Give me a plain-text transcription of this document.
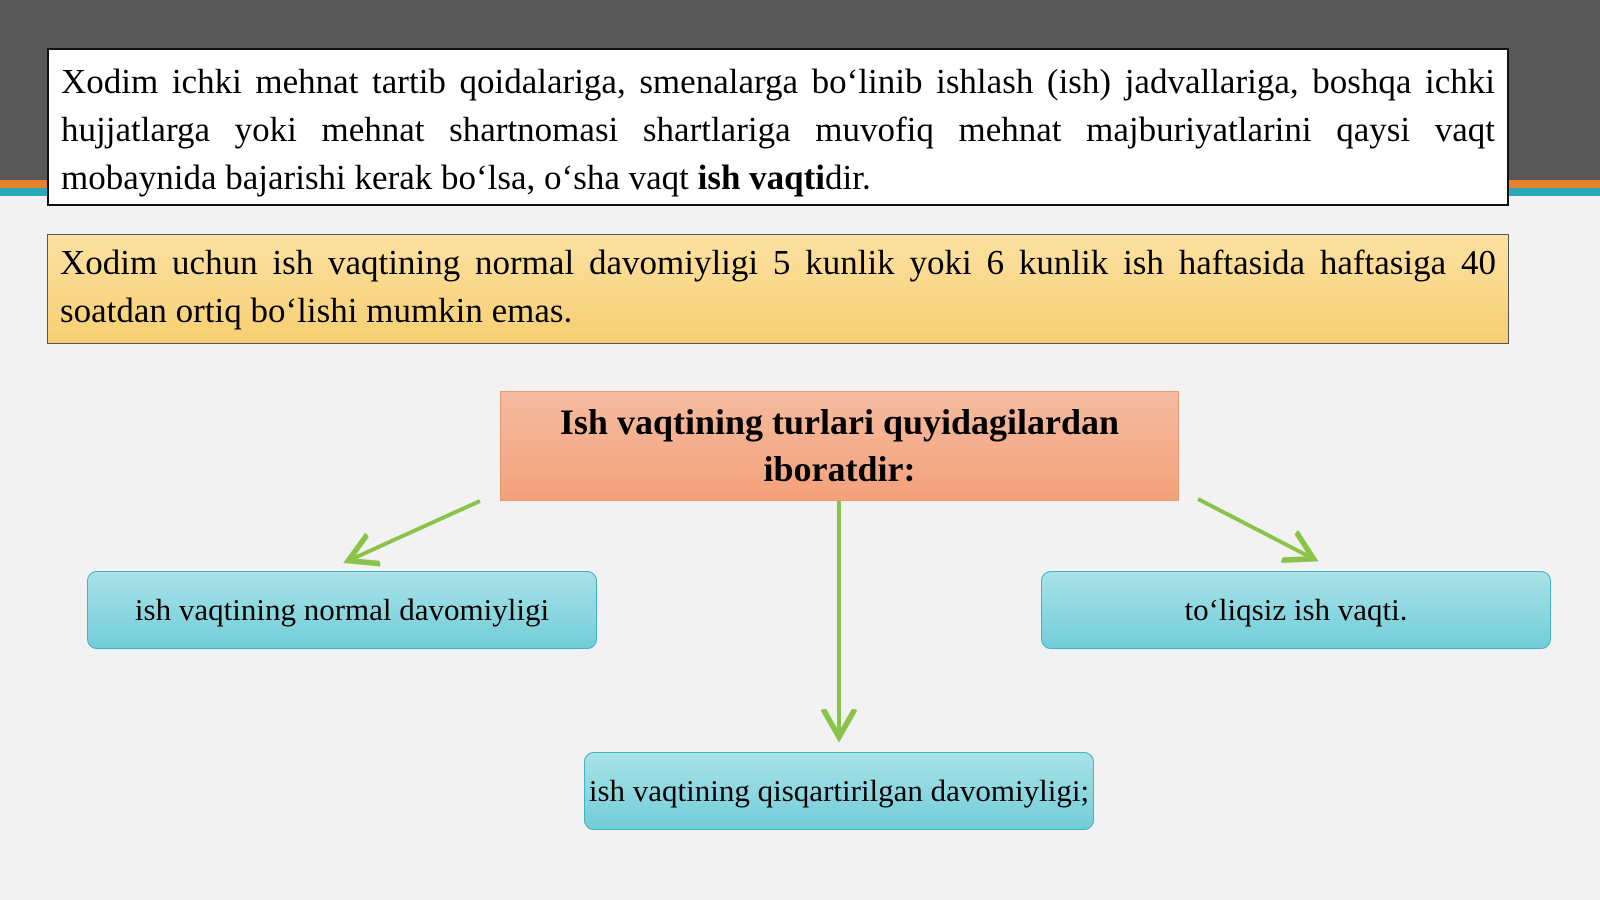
Xodim ichki mehnat tartib qoidalariga, smenalarga bo‘linib ishlash (ish) jadvallariga, boshqa ichki hujjatlarga yoki mehnat shartnomasi shartlariga muvofiq mehnat majburiyatlarini qaysi vaqt mobaynida bajarishi kerak bo‘lsa, o‘sha vaqt ish vaqtidir.
Xodim uchun ish vaqtining normal davomiyligi 5 kunlik yoki 6 kunlik ish haftasida haftasiga 40 soatdan ortiq bo‘lishi mumkin emas.
Ish vaqtining turlari quyidagilardan iboratdir:
ish vaqtining normal davomiyligi	to‘liqsiz ish vaqti.
ish vaqtining qisqartirilgan davomiyligi;
